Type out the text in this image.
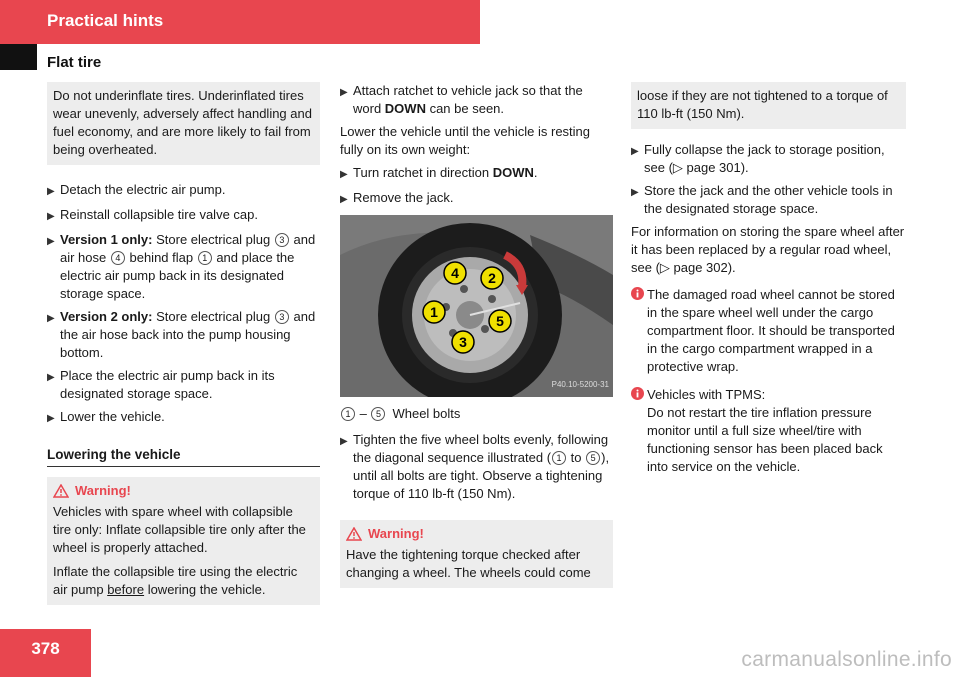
Practical hints
Flat tire

Do not underinflate tires. Underinflated tires wear unevenly, adversely affect handling and fuel economy, and are more likely to fail from being overheated.

▶ Detach the electric air pump.
▶ Reinstall collapsible tire valve cap.
▶ Version 1 only: Store electrical plug 3 and air hose 4 behind flap 1 and place the electric air pump back in its designated storage space.
▶ Version 2 only: Store electrical plug 3 and the air hose back into the pump housing bottom.
▶ Place the electric air pump back in its designated storage space.
▶ Lower the vehicle.
Lowering the vehicle
Warning!

Vehicles with spare wheel with collapsible tire only: Inflate collapsible tire only after the wheel is properly attached.

Inflate the collapsible tire using the electric air pump before lowering the vehicle.

▶ Attach ratchet to vehicle jack so that the word DOWN can be seen.

Lower the vehicle until the vehicle is resting fully on its own weight:

▶ Turn ratchet in direction DOWN.
▶ Remove the jack.
4 2
1
5
3
P40.10-5200-31
1 – 5 Wheel bolts
▶ Tighten the five wheel bolts evenly, following the diagonal sequence illustrated ( 1 to 5 ), until all bolts are tight. Observe a tightening torque of 110 lb-ft (150 Nm).
Warning!

Have the tightening torque checked after changing a wheel. The wheels could come

loose if they are not tightened to a torque of 110 lb-ft (150 Nm).

▶ Fully collapse the jack to storage position, see (▷ page 301).
▶ Store the jack and the other vehicle tools in the designated storage space.

For information on storing the spare wheel after it has been replaced by a regular road wheel, see (▷ page 302).

The damaged road wheel cannot be stored in the spare wheel well under the cargo compartment floor. It should be transported in the cargo compartment wrapped in a protective wrap.
Vehicles with TPMS:
Do not restart the tire inflation pressure monitor until a full size wheel/tire with functioning sensor has been placed back into service on the vehicle.
378	carmanualsonline.info
